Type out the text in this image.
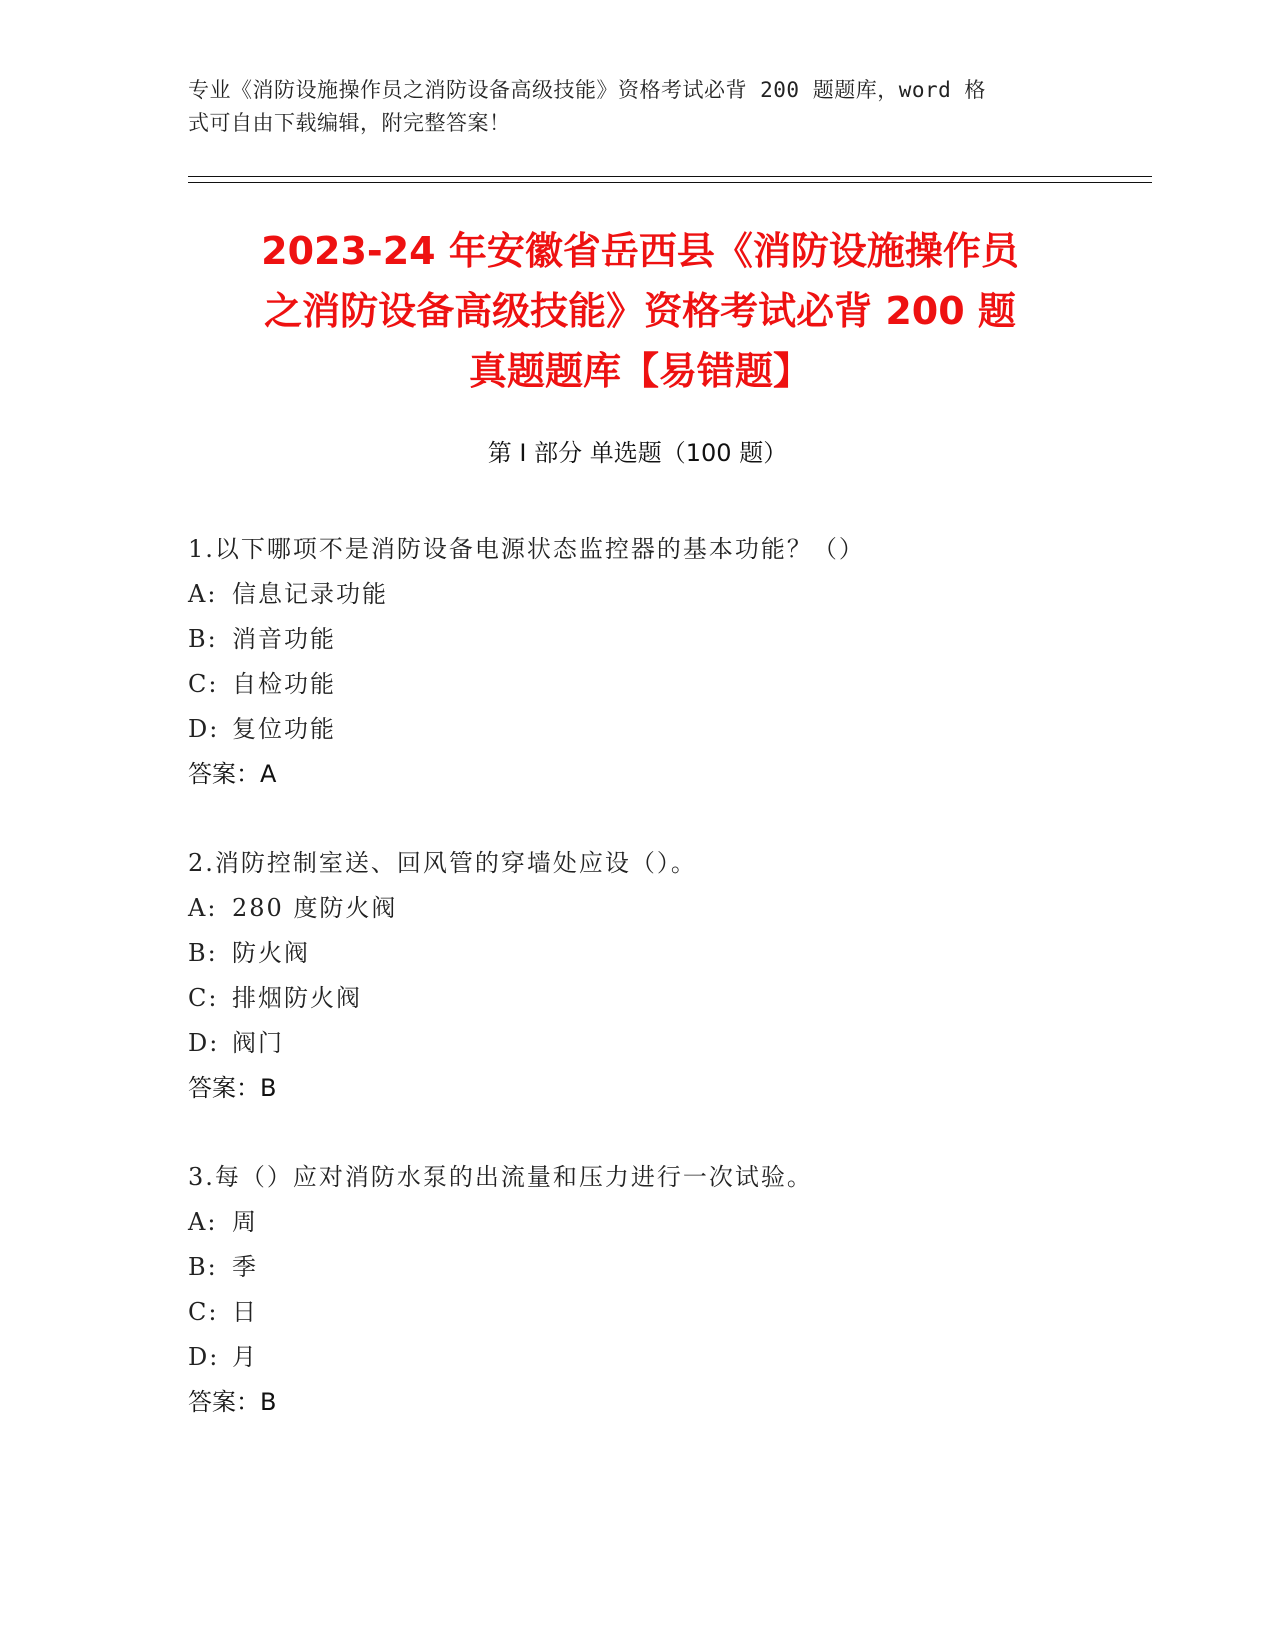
专业《消防设施操作员之消防设备高级技能》资格考试必背 200 题题库，word 格
式可自由下载编辑，附完整答案！
2023-24 年安徽省岳西县《消防设施操作员
之消防设备高级技能》资格考试必背 200 题
真题题库【易错题】
第 I 部分 单选题（100 题）
1.以下哪项不是消防设备电源状态监控器的基本功能？（）
A: 信息记录功能
B: 消音功能
C: 自检功能
D: 复位功能
答案：A
2.消防控制室送、回风管的穿墙处应设（）。
A: 280 度防火阀
B: 防火阀
C: 排烟防火阀
D: 阀门
答案：B
3.每（）应对消防水泵的出流量和压力进行一次试验。
A: 周
B: 季
C: 日
D: 月
答案：B
